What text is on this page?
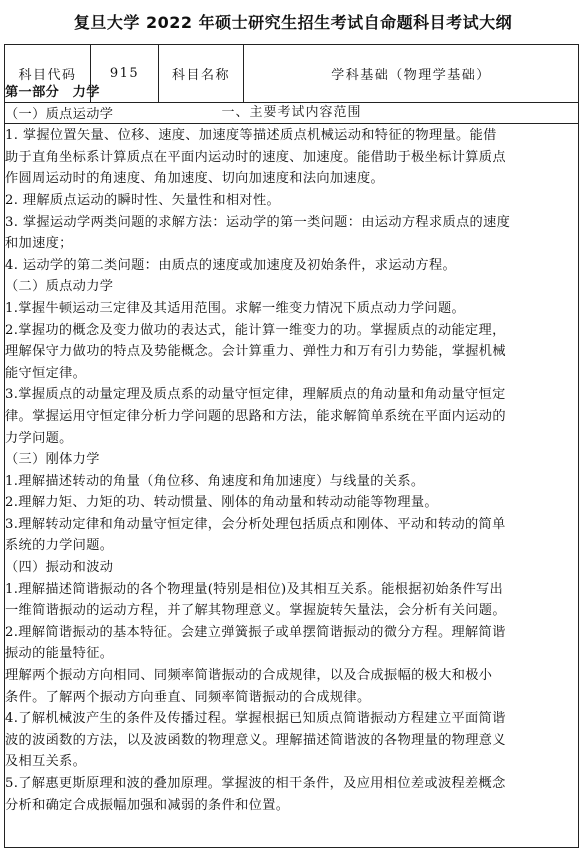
复旦大学 2022 年硕士研究生招生考试自命题科目考试大纲
科目代码	915	科目名称	学科基础（物理学基础）
一、主要考试内容范围
第一部分　力学
（一）质点运动学
1. 掌握位置矢量、位移、速度、加速度等描述质点机械运动和特征的物理量。能借
助于直角坐标系计算质点在平面内运动时的速度、加速度。能借助于极坐标计算质点
作圆周运动时的角速度、角加速度、切向加速度和法向加速度。
2. 理解质点运动的瞬时性、矢量性和相对性。
3. 掌握运动学两类问题的求解方法：运动学的第一类问题：由运动方程求质点的速度
和加速度；
4. 运动学的第二类问题：由质点的速度或加速度及初始条件，求运动方程。
（二）质点动力学
1.掌握牛顿运动三定律及其适用范围。求解一维变力情况下质点动力学问题。
2.掌握功的概念及变力做功的表达式，能计算一维变力的功。掌握质点的动能定理，
理解保守力做功的特点及势能概念。会计算重力、弹性力和万有引力势能，掌握机械
能守恒定律。
3.掌握质点的动量定理及质点系的动量守恒定律，理解质点的角动量和角动量守恒定
律。掌握运用守恒定律分析力学问题的思路和方法，能求解简单系统在平面内运动的
力学问题。
（三）刚体力学
1.理解描述转动的角量（角位移、角速度和角加速度）与线量的关系。
2.理解力矩、力矩的功、转动惯量、刚体的角动量和转动动能等物理量。
3.理解转动定律和角动量守恒定律，会分析处理包括质点和刚体、平动和转动的简单
系统的力学问题。
（四）振动和波动
1.理解描述简谐振动的各个物理量(特别是相位)及其相互关系。能根据初始条件写出
一维简谐振动的运动方程，并了解其物理意义。掌握旋转矢量法，会分析有关问题。
2.理解简谐振动的基本特征。会建立弹簧振子或单摆简谐振动的微分方程。理解简谐
振动的能量特征。
理解两个振动方向相同、同频率简谐振动的合成规律，以及合成振幅的极大和极小
条件。了解两个振动方向垂直、同频率简谐振动的合成规律。
4.了解机械波产生的条件及传播过程。掌握根据已知质点简谐振动方程建立平面简谐
波的波函数的方法，以及波函数的物理意义。理解描述简谐波的各物理量的物理意义
及相互关系。
5.了解惠更斯原理和波的叠加原理。掌握波的相干条件，及应用相位差或波程差概念
分析和确定合成振幅加强和减弱的条件和位置。
